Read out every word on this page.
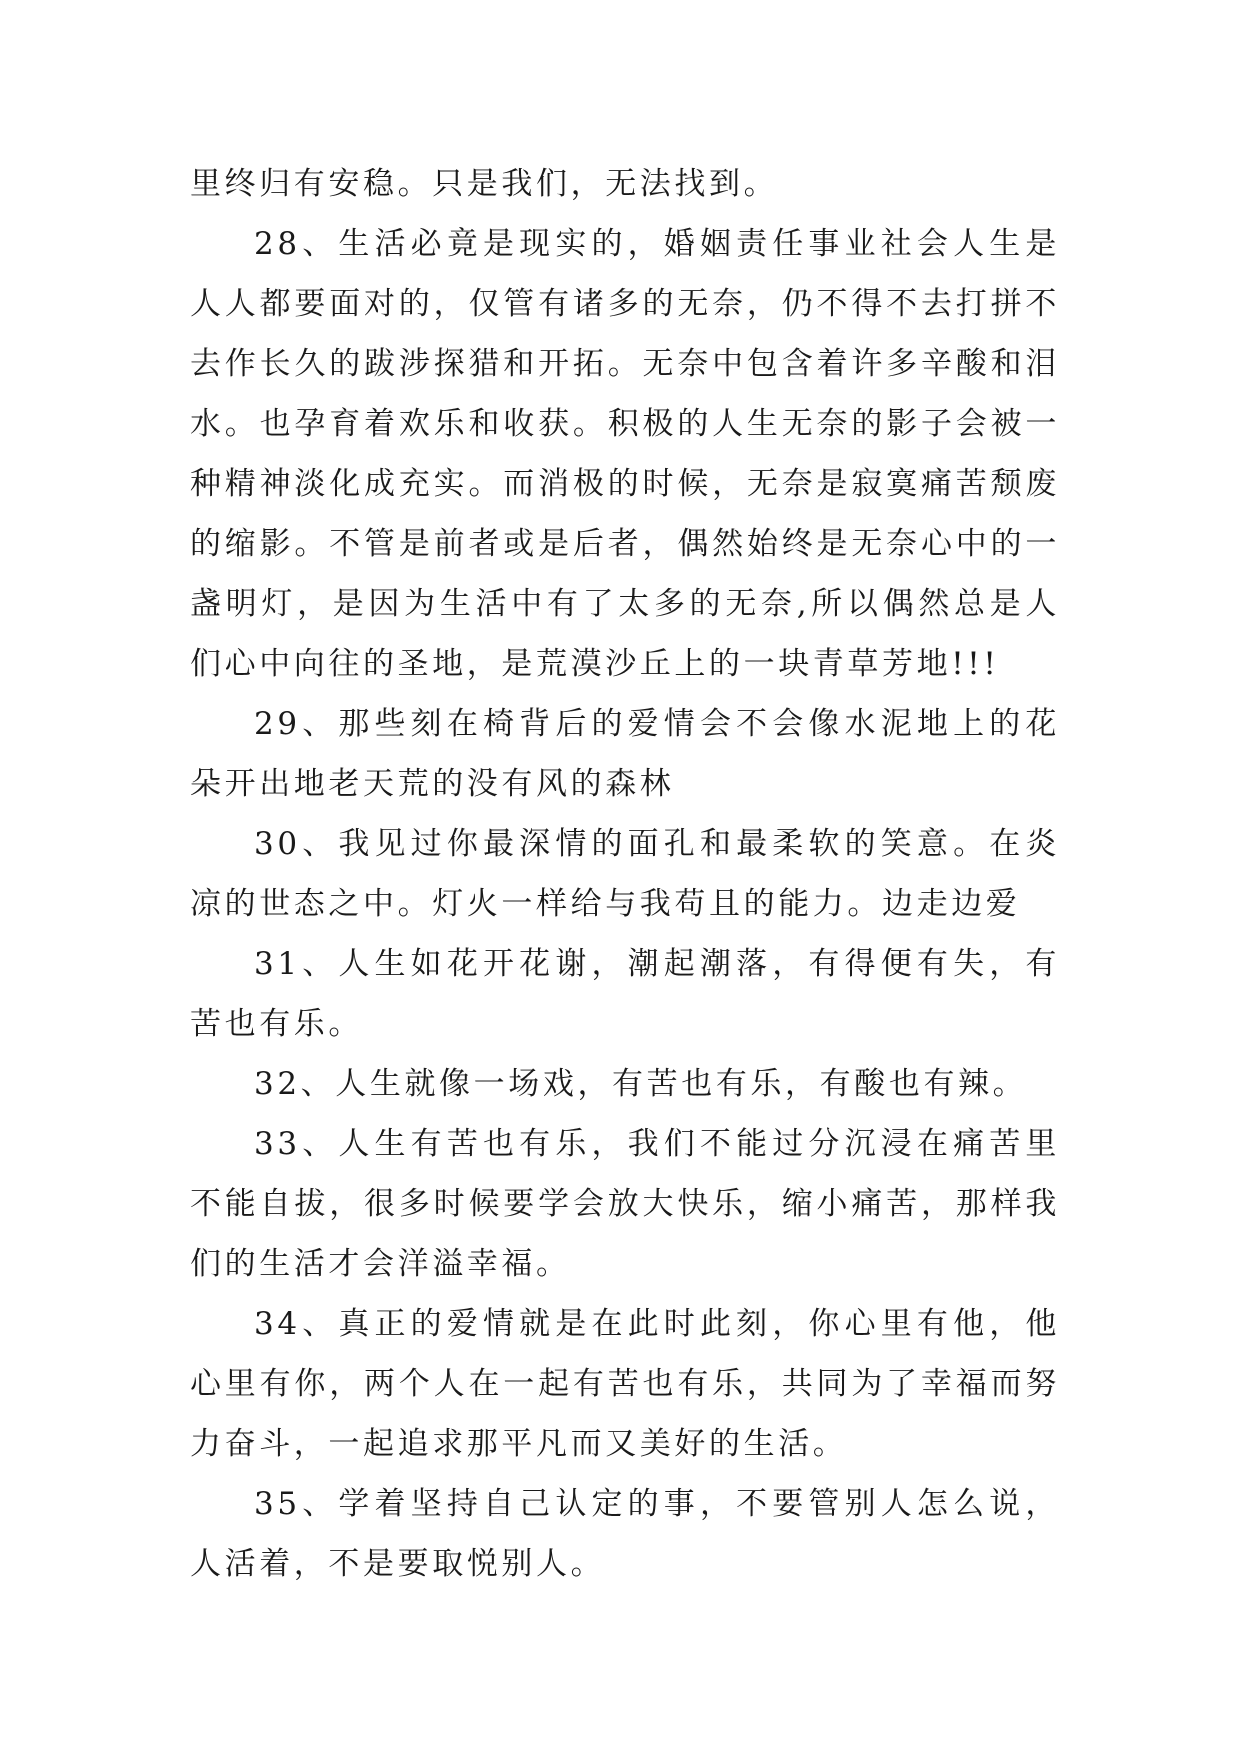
里终归有安稳。只是我们，无法找到。

28、生活必竟是现实的，婚姻责任事业社会人生是人人都要面对的，仅管有诸多的无奈，仍不得不去打拼不去作长久的跋涉探猎和开拓。无奈中包含着许多辛酸和泪水。也孕育着欢乐和收获。积极的人生无奈的影子会被一种精神淡化成充实。而消极的时候，无奈是寂寞痛苦颓废的缩影。不管是前者或是后者，偶然始终是无奈心中的一盏明灯，是因为生活中有了太多的无奈,所以偶然总是人们心中向往的圣地，是荒漠沙丘上的一块青草芳地!!!

29、那些刻在椅背后的爱情会不会像水泥地上的花朵开出地老天荒的没有风的森林

30、我见过你最深情的面孔和最柔软的笑意。在炎凉的世态之中。灯火一样给与我苟且的能力。边走边爱

31、人生如花开花谢，潮起潮落，有得便有失，有苦也有乐。

32、人生就像一场戏，有苦也有乐，有酸也有辣。

33、人生有苦也有乐，我们不能过分沉浸在痛苦里不能自拔，很多时候要学会放大快乐，缩小痛苦，那样我们的生活才会洋溢幸福。

34、真正的爱情就是在此时此刻，你心里有他，他心里有你，两个人在一起有苦也有乐，共同为了幸福而努力奋斗，一起追求那平凡而又美好的生活。

35、学着坚持自己认定的事，不要管别人怎么说，人活着，不是要取悦别人。
